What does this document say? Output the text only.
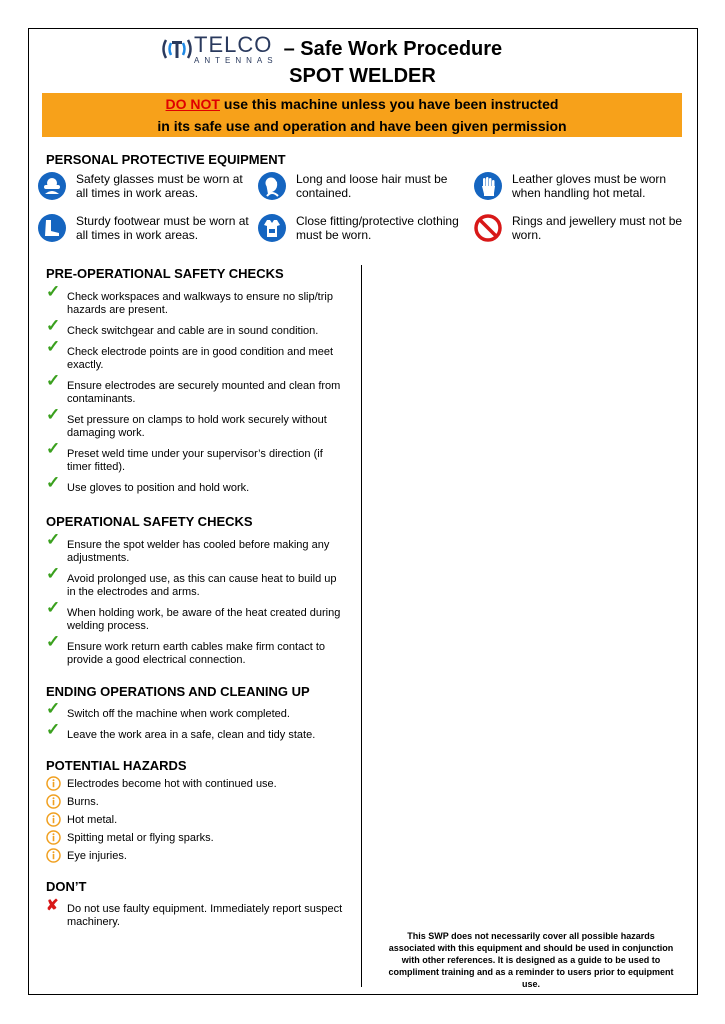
TELCO
ANTENNAS
– Safe Work Procedure
SPOT WELDER
DO NOT use this machine unless you have been instructed
in its safe use and operation and have been given permission
PERSONAL PROTECTIVE EQUIPMENT
Safety glasses must be worn at all times in work areas.
Long and loose hair must be contained.
Leather gloves must be worn when handling hot metal.
Sturdy footwear must be worn at all times in work areas.
Close fitting/protective clothing must be worn.
Rings and jewellery must not be worn.
PRE-OPERATIONAL SAFETY CHECKS
✓ Check workspaces and walkways to ensure no slip/trip hazards are present.
✓ Check switchgear and cable are in sound condition.
✓ Check electrode points are in good condition and meet exactly.
✓ Ensure electrodes are securely mounted and clean from contaminants.
✓ Set pressure on clamps to hold work securely without damaging work.
✓ Preset weld time under your supervisor’s direction (if timer fitted).
✓ Use gloves to position and hold work.
OPERATIONAL SAFETY CHECKS
✓ Ensure the spot welder has cooled before making any adjustments.
✓ Avoid prolonged use, as this can cause heat to build up in the electrodes and arms.
✓ When holding work, be aware of the heat created during welding process.
✓ Ensure work return earth cables make firm contact to provide a good electrical connection.
ENDING OPERATIONS AND CLEANING UP
✓ Switch off the machine when work completed.
✓ Leave the work area in a safe, clean and tidy state.
POTENTIAL HAZARDS
Electrodes become hot with continued use.
Burns.
Hot metal.
Spitting metal or flying sparks.
Eye injuries.
DON’T
✘ Do not use faulty equipment. Immediately report suspect machinery.
This SWP does not necessarily cover all possible hazards associated with this equipment and should be used in conjunction with other references. It is designed as a guide to be used to compliment training and as a reminder to users prior to equipment use.
